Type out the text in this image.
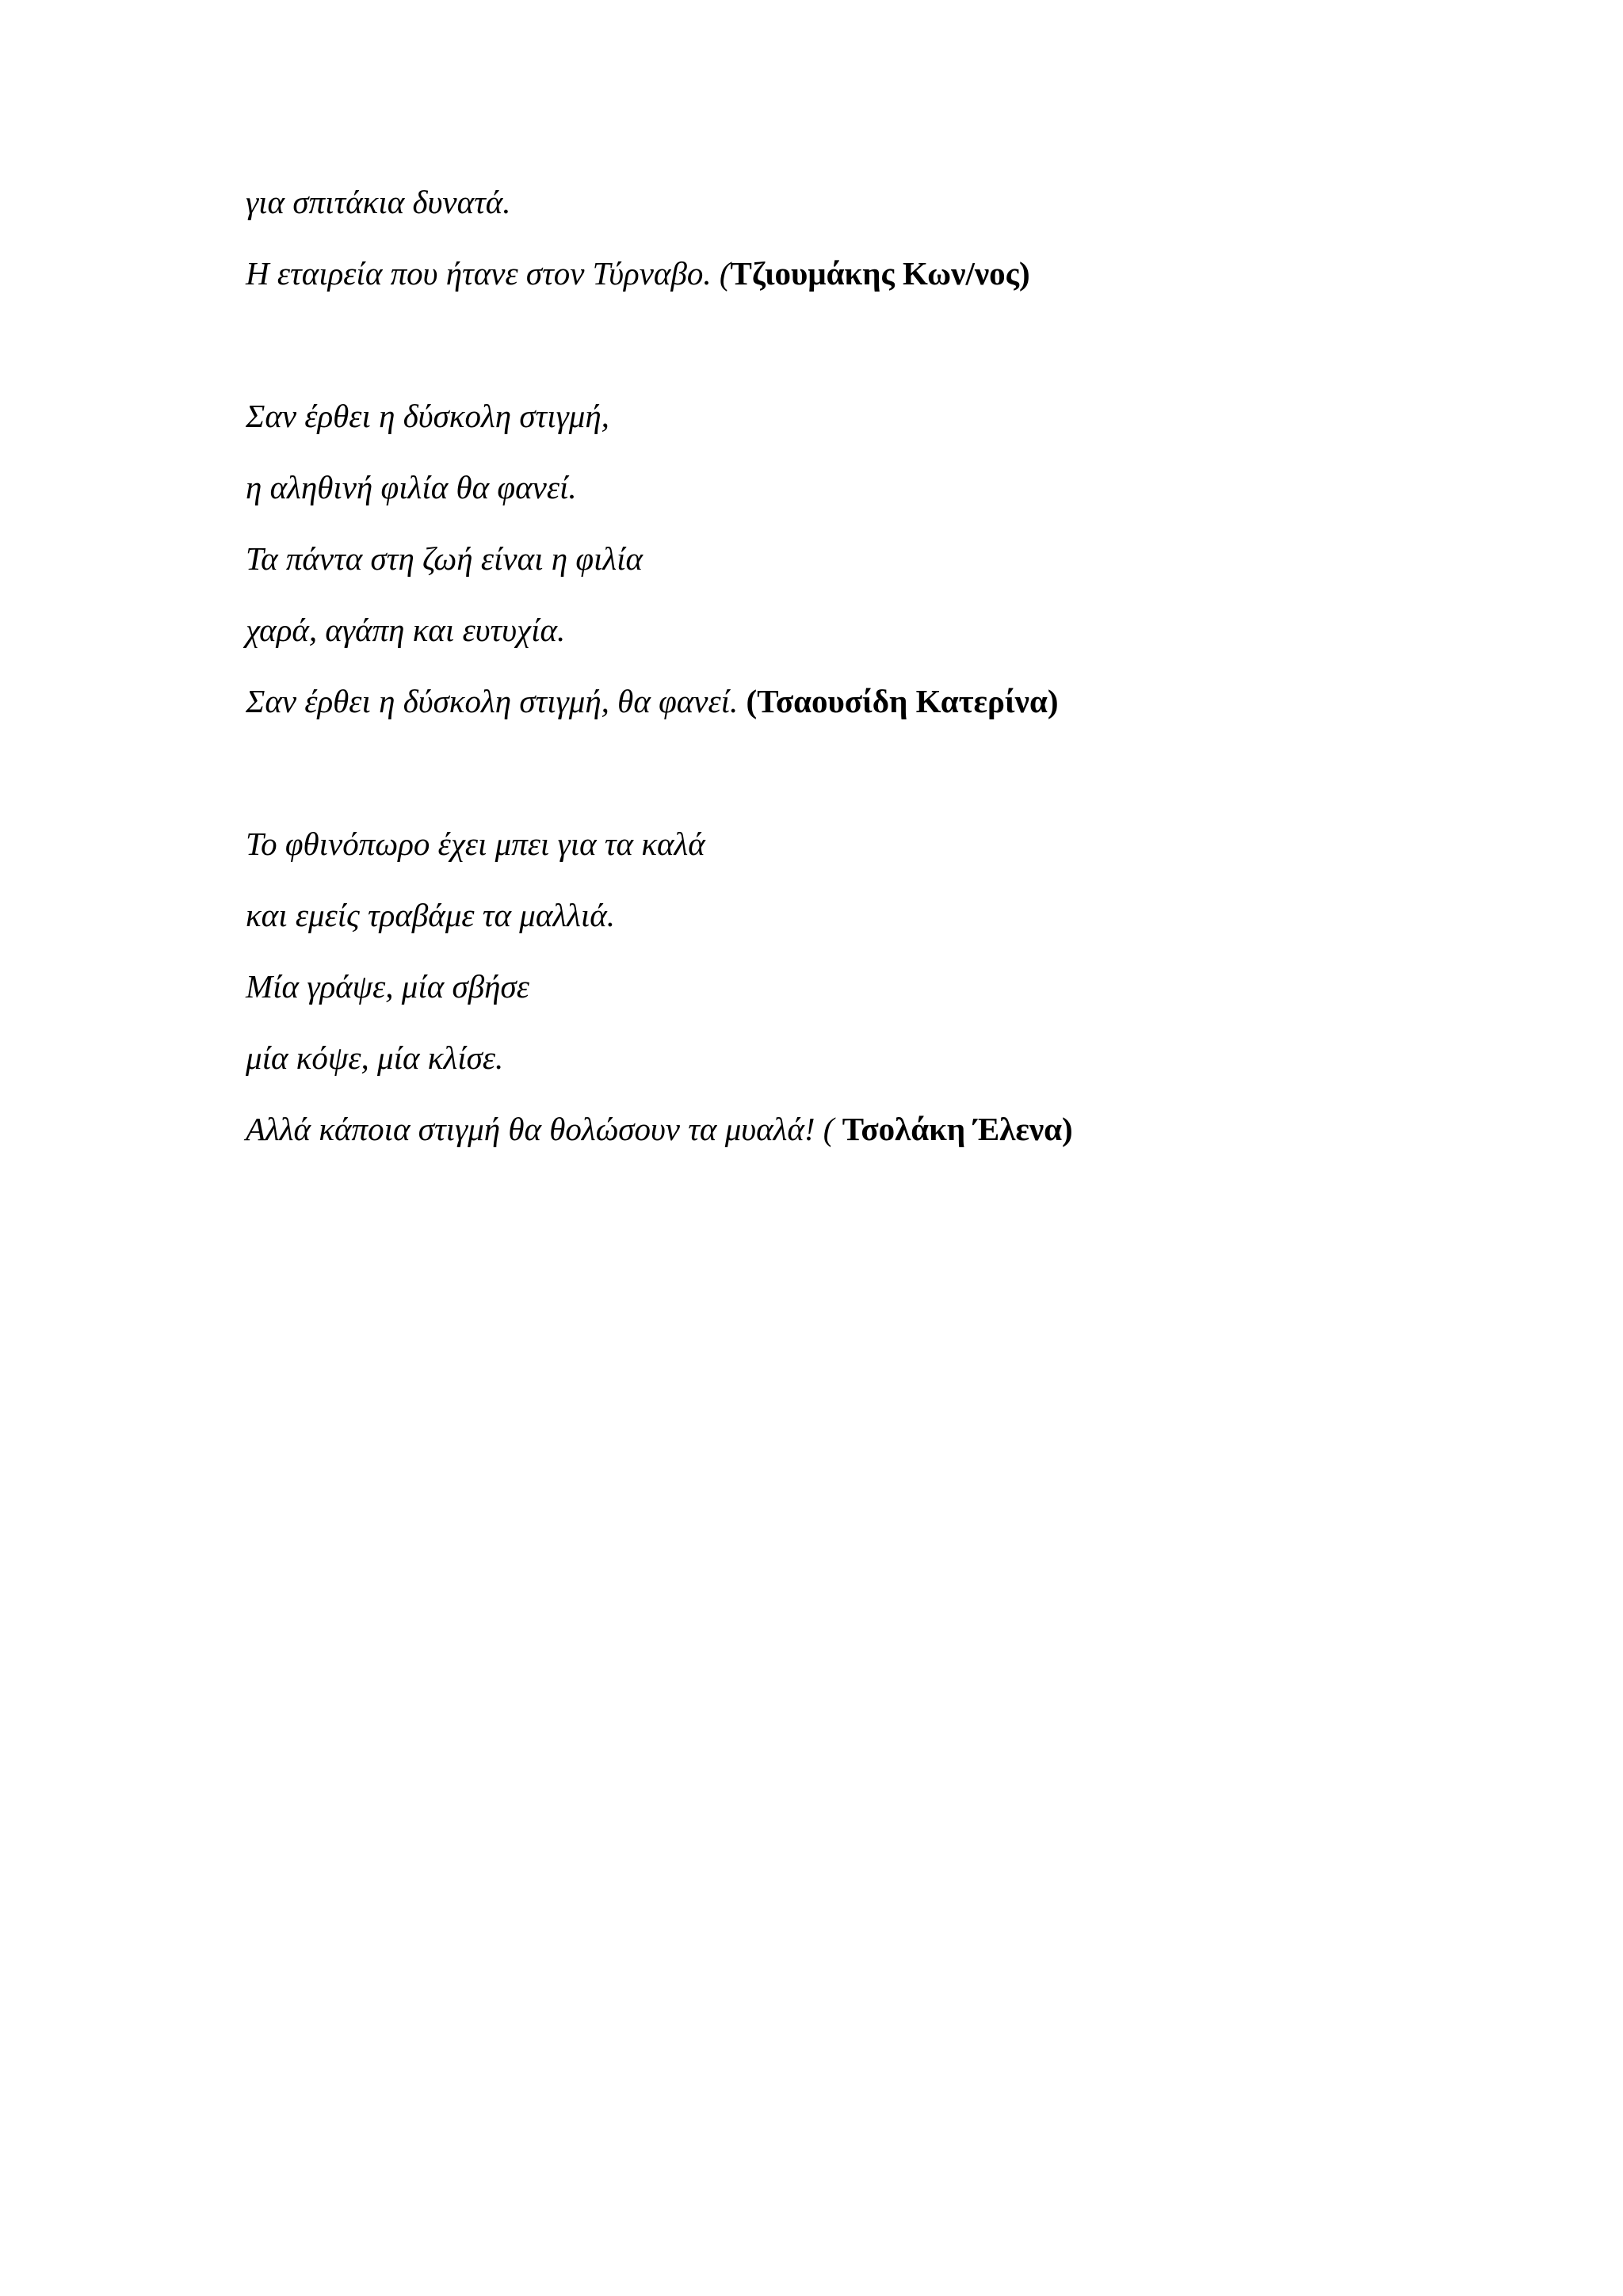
για σπιτάκια δυνατά.
Η εταιρεία που ήτανε στον Τύρναβο. (Τζιουμάκης Κων/νος)
Σαν έρθει η δύσκολη στιγμή,
η αληθινή φιλία θα φανεί.
Τα πάντα στη ζωή είναι η φιλία
χαρά, αγάπη και ευτυχία.
Σαν έρθει η δύσκολη στιγμή, θα φανεί. (Τσαουσίδη Κατερίνα)
Το φθινόπωρο έχει μπει για τα καλά
και εμείς τραβάμε τα μαλλιά.
Μία γράψε, μία σβήσε
μία κόψε, μία κλίσε.
Αλλά κάποια στιγμή θα θολώσουν τα μυαλά! ( Τσολάκη Έλενα)
